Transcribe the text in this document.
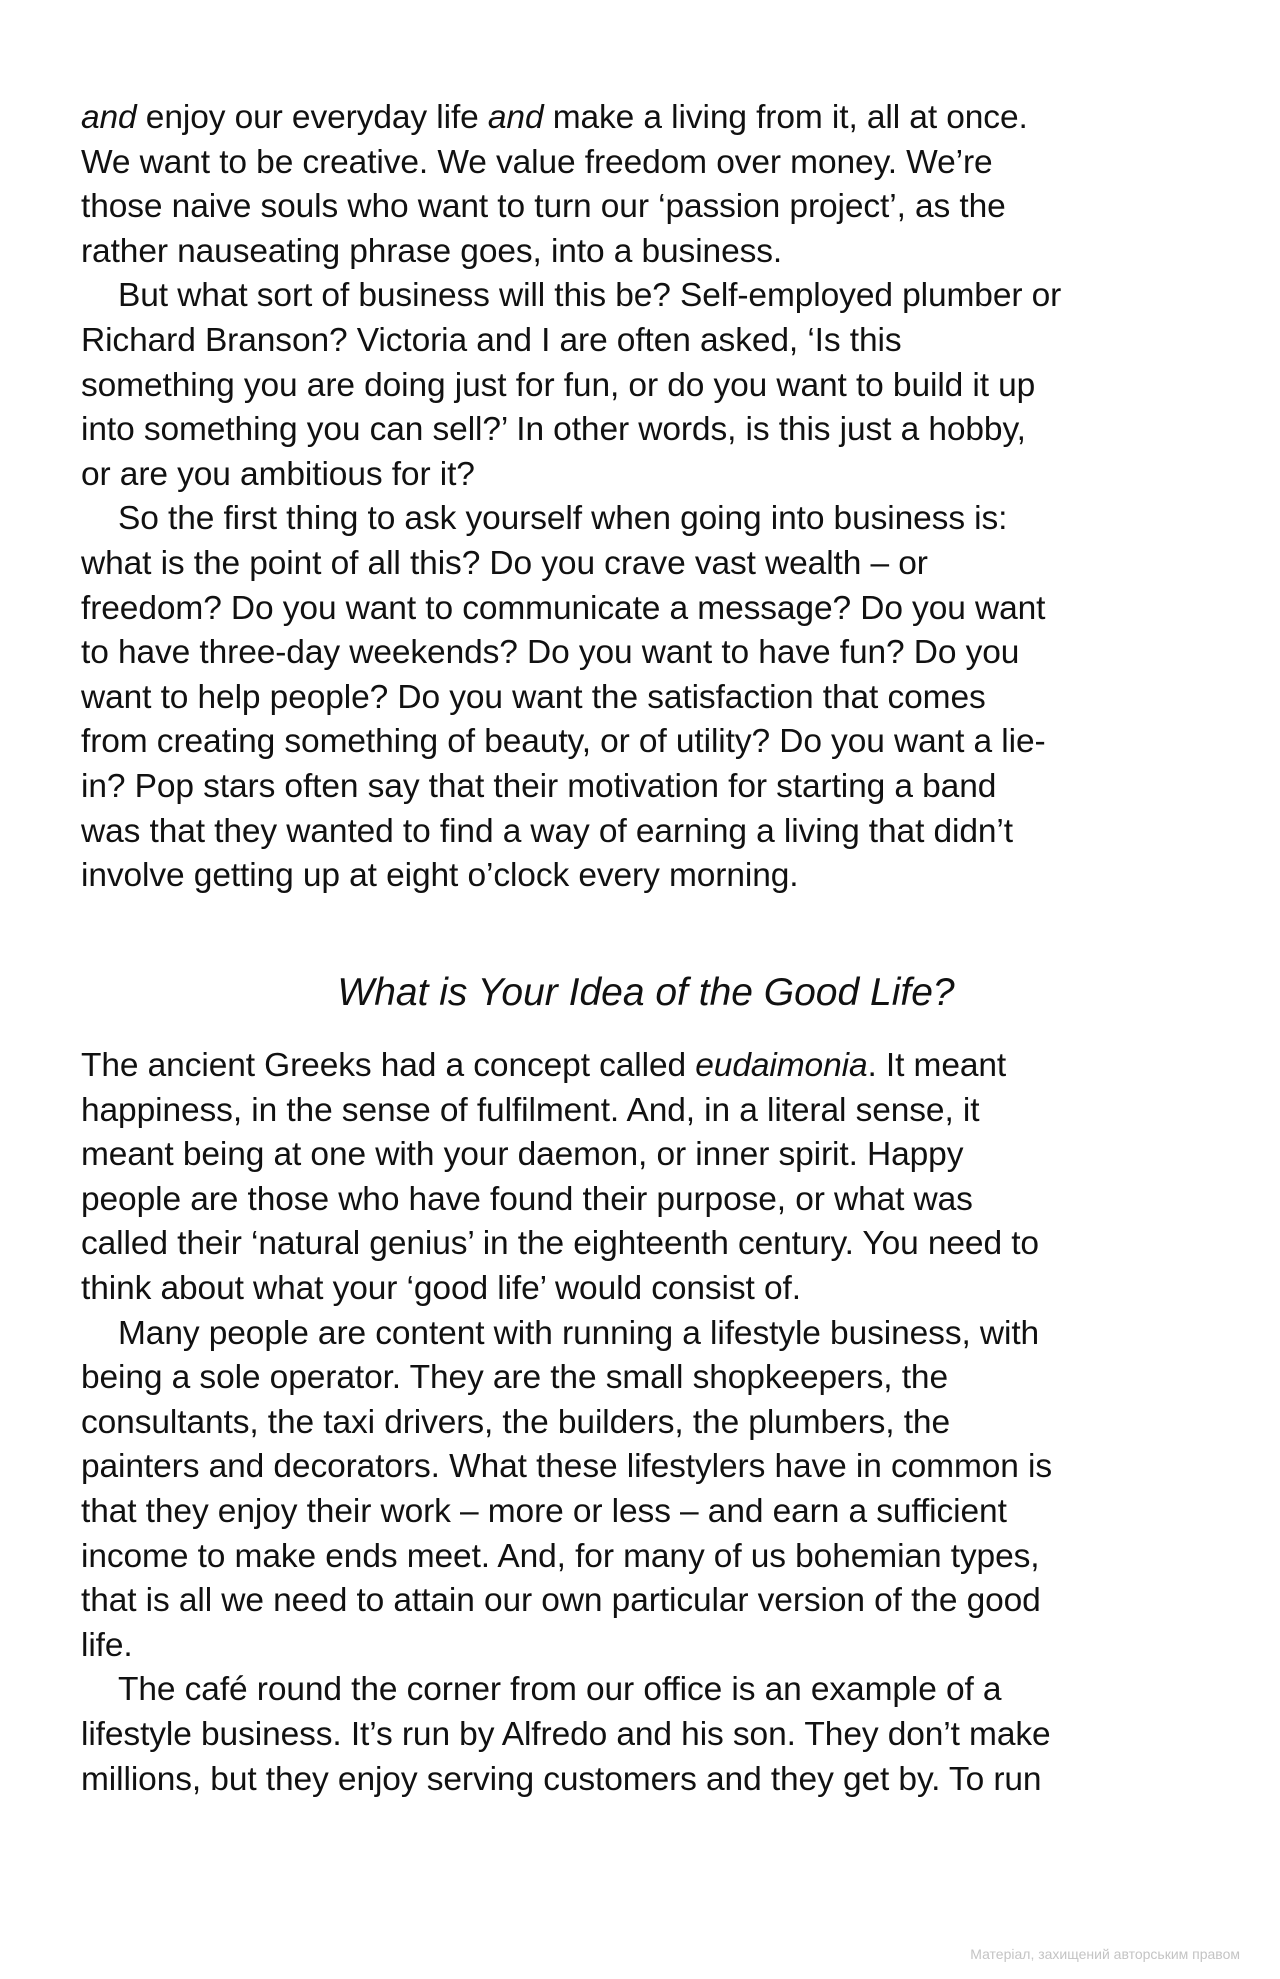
and enjoy our everyday life and make a living from it, all at once.
We want to be creative. We value freedom over money. We’re
those naive souls who want to turn our ‘passion project’, as the
rather nauseating phrase goes, into a business.
But what sort of business will this be? Self-employed plumber or
Richard Branson? Victoria and I are often asked, ‘Is this
something you are doing just for fun, or do you want to build it up
into something you can sell?’ In other words, is this just a hobby,
or are you ambitious for it?
So the first thing to ask yourself when going into business is:
what is the point of all this? Do you crave vast wealth – or
freedom? Do you want to communicate a message? Do you want
to have three-day weekends? Do you want to have fun? Do you
want to help people? Do you want the satisfaction that comes
from creating something of beauty, or of utility? Do you want a lie-
in? Pop stars often say that their motivation for starting a band
was that they wanted to find a way of earning a living that didn’t
involve getting up at eight o’clock every morning.
What is Your Idea of the Good Life?
The ancient Greeks had a concept called eudaimonia. It meant
happiness, in the sense of fulfilment. And, in a literal sense, it
meant being at one with your daemon, or inner spirit. Happy
people are those who have found their purpose, or what was
called their ‘natural genius’ in the eighteenth century. You need to
think about what your ‘good life’ would consist of.
Many people are content with running a lifestyle business, with
being a sole operator. They are the small shopkeepers, the
consultants, the taxi drivers, the builders, the plumbers, the
painters and decorators. What these lifestylers have in common is
that they enjoy their work – more or less – and earn a sufficient
income to make ends meet. And, for many of us bohemian types,
that is all we need to attain our own particular version of the good
life.
The café round the corner from our office is an example of a
lifestyle business. It’s run by Alfredo and his son. They don’t make
millions, but they enjoy serving customers and they get by. To run
Матеріал, захищений авторським правом
